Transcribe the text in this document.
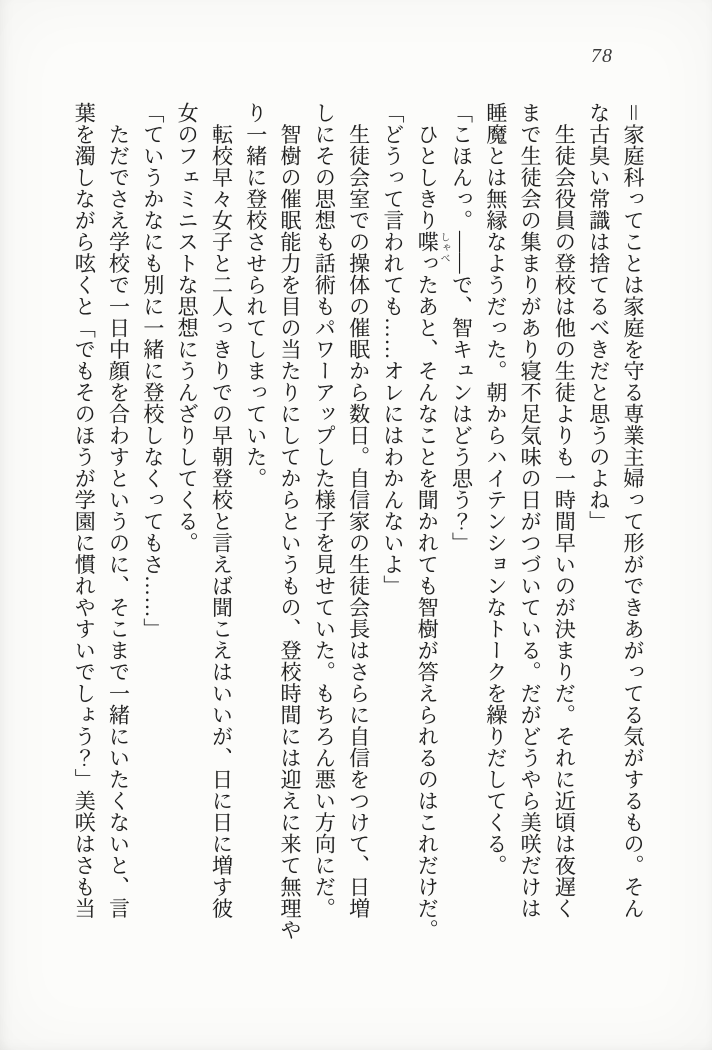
78
＝家庭科ってことは家庭を守る専業主婦って形ができあがってる気がするもの。そん
な古臭い常識は捨てるべきだと思うのよね」
　生徒会役員の登校は他の生徒よりも一時間早いのが決まりだ。それに近頃は夜遅く
まで生徒会の集まりがあり寝不足気味の日がつづいている。だがどうやら美咲だけは
睡魔とは無縁なようだった。朝からハイテンションなトークを繰りだしてくる。
「こほんっ。――で、智キュンはどう思う？」
　ひとしきり喋ったあと、そんなことを聞かれても智樹が答えられるのはこれだけだ。
「どうって言われても……オレにはわかんないよ」
　生徒会室での操体の催眠から数日。自信家の生徒会長はさらに自信をつけて、日増
しにその思想も話術もパワーアップした様子を見せていた。もちろん悪い方向にだ。
　智樹の催眠能力を目の当たりにしてからというもの、登校時間には迎えに来て無理や
り一緒に登校させられてしまっていた。
　転校早々女子と二人っきりでの早朝登校と言えば聞こえはいいが、日に日に増す彼
女のフェミニストな思想にうんざりしてくる。
「ていうかなにも別に一緒に登校しなくってもさ……」
　ただでさえ学校で一日中顔を合わすというのに、そこまで一緒にいたくないと、言
葉を濁しながら呟くと「でもそのほうが学園に慣れやすいでしょう？」美咲はさも当	しゃべ
